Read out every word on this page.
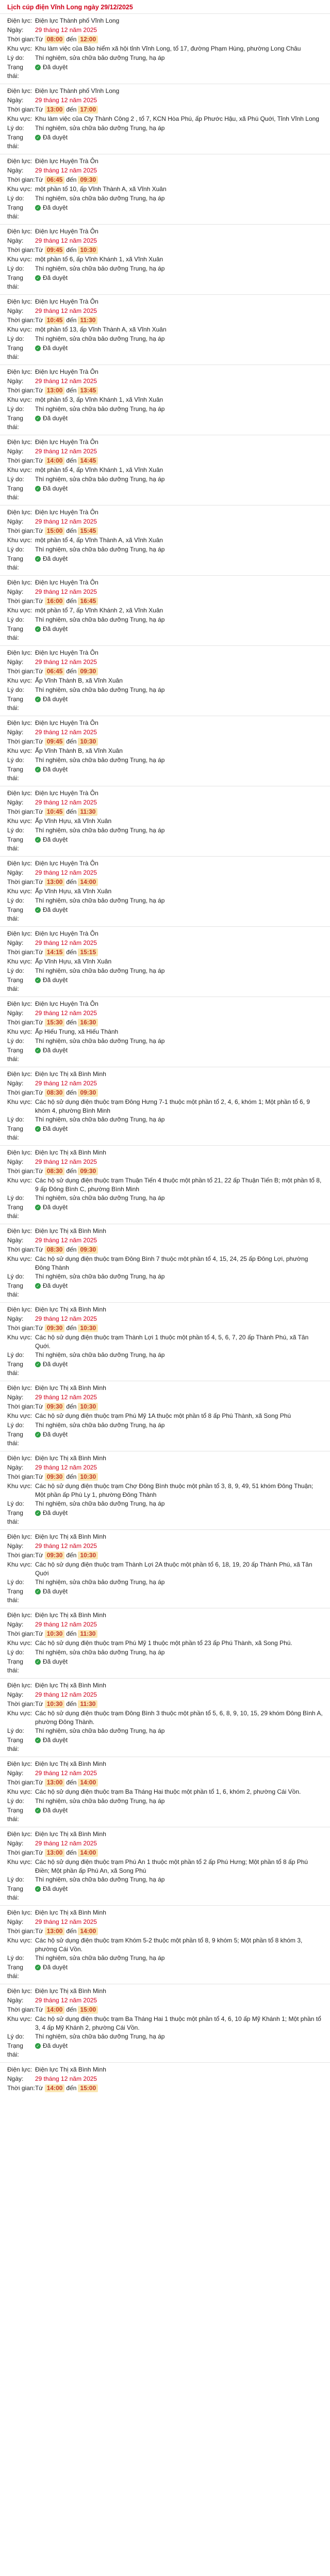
Lịch cúp điện Vĩnh Long ngày 29/12/2025
Điện lực: Điện lực Thành phố Vĩnh Long
Ngày:	29 tháng 12 năm 2025
Thời gian: Từ 08:00 đến 12:00
Khu vực: Khu làm việc của Bảo hiểm xã hội tỉnh Vĩnh Long, tổ 17, đường Phạm Hùng, phường Long Châu
Lý do:	Thí nghiệm, sửa chữa bảo dưỡng Trung, hạ áp
Trạng thái:
✓ Đã duyệt
Điện lực: Điện lực Thành phố Vĩnh Long
Ngày:	29 tháng 12 năm 2025
Thời gian: Từ 13:00 đến 17:00
Khu vực: Khu làm việc của Cty Thành Công 2 , tổ 7, KCN Hòa Phú, ấp Phước Hậu, xã Phú Quới, Tỉnh Vĩnh Long
Lý do:	Thí nghiệm, sửa chữa bảo dưỡng Trung, hạ áp
Trạng thái:
✓ Đã duyệt
Điện lực: Điện lực Huyện Trà Ôn
Ngày:	29 tháng 12 năm 2025
Thời gian: Từ 06:45 đến 09:30
Khu vực: một phần tổ 10, ấp Vĩnh Thành A, xã Vĩnh Xuân
Lý do:	Thí nghiệm, sửa chữa bảo dưỡng Trung, hạ áp
Trạng thái:
✓ Đã duyệt
Điện lực: Điện lực Huyện Trà Ôn
Ngày:	29 tháng 12 năm 2025
Thời gian: Từ 09:45 đến 10:30
Khu vực: một phần tổ 6, ấp Vĩnh Khánh 1, xã Vĩnh Xuân
Lý do:	Thí nghiệm, sửa chữa bảo dưỡng Trung, hạ áp
Trạng thái:
✓ Đã duyệt
Điện lực: Điện lực Huyện Trà Ôn
Ngày:	29 tháng 12 năm 2025
Thời gian: Từ 10:45 đến 11:30
Khu vực: một phần tổ 13, ấp Vĩnh Thành A, xã Vĩnh Xuân
Lý do:	Thí nghiệm, sửa chữa bảo dưỡng Trung, hạ áp
Trạng thái:
✓ Đã duyệt
Điện lực: Điện lực Huyện Trà Ôn
Ngày:	29 tháng 12 năm 2025
Thời gian: Từ 13:00 đến 13:45
Khu vực: một phần tổ 3, ấp Vĩnh Khánh 1, xã Vĩnh Xuân
Lý do:	Thí nghiệm, sửa chữa bảo dưỡng Trung, hạ áp
Trạng thái:
✓ Đã duyệt
Điện lực: Điện lực Huyện Trà Ôn
Ngày:	29 tháng 12 năm 2025
Thời gian: Từ 14:00 đến 14:45
Khu vực: một phần tổ 4, ấp Vĩnh Khánh 1, xã Vĩnh Xuân
Lý do:	Thí nghiệm, sửa chữa bảo dưỡng Trung, hạ áp
Trạng thái:
✓ Đã duyệt
Điện lực: Điện lực Huyện Trà Ôn
Ngày:	29 tháng 12 năm 2025
Thời gian: Từ 15:00 đến 15:45
Khu vực: một phần tổ 4, ấp Vĩnh Thành A, xã Vĩnh Xuân
Lý do:	Thí nghiệm, sửa chữa bảo dưỡng Trung, hạ áp
Trạng thái:
✓ Đã duyệt
Điện lực: Điện lực Huyện Trà Ôn
Ngày:	29 tháng 12 năm 2025
Thời gian: Từ 16:00 đến 16:45
Khu vực: một phần tổ 7, ấp Vĩnh Khánh 2, xã Vĩnh Xuân
Lý do:	Thí nghiệm, sửa chữa bảo dưỡng Trung, hạ áp
Trạng thái:
✓ Đã duyệt
Điện lực: Điện lực Huyện Trà Ôn
Ngày:	29 tháng 12 năm 2025
Thời gian: Từ 06:45 đến 09:30
Khu vực: Ấp Vĩnh Thành B, xã Vĩnh Xuân
Lý do:	Thí nghiệm, sửa chữa bảo dưỡng Trung, hạ áp
Trạng thái:
✓ Đã duyệt
Điện lực: Điện lực Huyện Trà Ôn
Ngày:	29 tháng 12 năm 2025
Thời gian: Từ 09:45 đến 10:30
Khu vực: Ấp Vĩnh Thành B, xã Vĩnh Xuân
Lý do:	Thí nghiệm, sửa chữa bảo dưỡng Trung, hạ áp
Trạng thái:
✓ Đã duyệt
Điện lực: Điện lực Huyện Trà Ôn
Ngày:	29 tháng 12 năm 2025
Thời gian: Từ 10:45 đến 11:30
Khu vực: Ấp Vĩnh Hựu, xã Vĩnh Xuân
Lý do:	Thí nghiệm, sửa chữa bảo dưỡng Trung, hạ áp
Trạng thái:
✓ Đã duyệt
Điện lực: Điện lực Huyện Trà Ôn
Ngày:	29 tháng 12 năm 2025
Thời gian: Từ 13:00 đến 14:00
Khu vực: Ấp Vĩnh Hựu, xã Vĩnh Xuân
Lý do:	Thí nghiệm, sửa chữa bảo dưỡng Trung, hạ áp
Trạng thái:
✓ Đã duyệt
Điện lực: Điện lực Huyện Trà Ôn
Ngày:	29 tháng 12 năm 2025
Thời gian: Từ 14:15 đến 15:15
Khu vực: Ấp Vĩnh Hựu, xã Vĩnh Xuân
Lý do:	Thí nghiệm, sửa chữa bảo dưỡng Trung, hạ áp
Trạng thái:
✓ Đã duyệt
Điện lực: Điện lực Huyện Trà Ôn
Ngày:	29 tháng 12 năm 2025
Thời gian: Từ 15:30 đến 16:30
Khu vực: Ấp Hiếu Trung, xã Hiếu Thành
Lý do:	Thí nghiệm, sửa chữa bảo dưỡng Trung, hạ áp
Trạng thái:
✓ Đã duyệt
Điện lực: Điện lực Thị xã Bình Minh
Ngày:	29 tháng 12 năm 2025
Thời gian: Từ 08:30 đến 09:30
Khu vực: Các hộ sử dụng điện thuộc trạm Đông Hưng 7-1 thuộc một phần tổ 2, 4, 6, khóm 1; Một phần tổ 6, 9 khóm 4, phường Bình Minh
Lý do:	Thí nghiệm, sửa chữa bảo dưỡng Trung, hạ áp
Trạng thái:
✓ Đã duyệt
Điện lực: Điện lực Thị xã Bình Minh
Ngày:	29 tháng 12 năm 2025
Thời gian: Từ 08:30 đến 09:30
Khu vực: Các hộ sử dụng điện thuộc trạm Thuận Tiến 4 thuộc một phần tổ 21, 22 ấp Thuận Tiến B; một phần tổ 8, 9 ấp Đông Bình C, phường Bình Minh
Lý do:	Thí nghiệm, sửa chữa bảo dưỡng Trung, hạ áp
Trạng thái:
✓ Đã duyệt
Điện lực: Điện lực Thị xã Bình Minh
Ngày:	29 tháng 12 năm 2025
Thời gian: Từ 08:30 đến 09:30
Khu vực: Các hộ sử dụng điện thuộc trạm Đông Bình 7 thuộc một phần tổ 4, 15, 24, 25 ấp Đông Lợi, phường Đông Thành
Lý do:	Thí nghiệm, sửa chữa bảo dưỡng Trung, hạ áp
Trạng thái:
✓ Đã duyệt
Điện lực: Điện lực Thị xã Bình Minh
Ngày:	29 tháng 12 năm 2025
Thời gian: Từ 09:30 đến 10:30
Khu vực: Các hộ sử dụng điện thuộc trạm Thành Lợi 1 thuộc một phần tổ 4, 5, 6, 7, 20 ấp Thành Phú, xã Tân Quới.
Lý do:	Thí nghiệm, sửa chữa bảo dưỡng Trung, hạ áp
Trạng thái:
✓ Đã duyệt
Điện lực: Điện lực Thị xã Bình Minh
Ngày:	29 tháng 12 năm 2025
Thời gian: Từ 09:30 đến 10:30
Khu vực: Các hộ sử dụng điện thuộc trạm Phú Mỹ 1A thuộc một phần tổ 8 ấp Phú Thành, xã Song Phú
Lý do:	Thí nghiệm, sửa chữa bảo dưỡng Trung, hạ áp
Trạng thái:
✓ Đã duyệt
Điện lực: Điện lực Thị xã Bình Minh
Ngày:	29 tháng 12 năm 2025
Thời gian: Từ 09:30 đến 10:30
Khu vực: Các hộ sử dụng điện thuộc trạm Chợ Đông Bình thuộc một phần tổ 3, 8, 9, 49, 51 khóm Đông Thuận; Một phần ấp Phù Ly 1, phường Đông Thành
Lý do:	Thí nghiệm, sửa chữa bảo dưỡng Trung, hạ áp
Trạng thái:
✓ Đã duyệt
Điện lực: Điện lực Thị xã Bình Minh
Ngày:	29 tháng 12 năm 2025
Thời gian: Từ 09:30 đến 10:30
Khu vực: Các hộ sử dụng điện thuộc trạm Thành Lợi 2A thuộc một phần tổ 6, 18, 19, 20 ấp Thành Phú, xã Tân Quới
Lý do:	Thí nghiệm, sửa chữa bảo dưỡng Trung, hạ áp
Trạng thái:
✓ Đã duyệt
Điện lực: Điện lực Thị xã Bình Minh
Ngày:	29 tháng 12 năm 2025
Thời gian: Từ 10:30 đến 11:30
Khu vực: Các hộ sử dụng điện thuộc trạm Phú Mỹ 1 thuộc một phần tổ 23 ấp Phú Thành, xã Song Phú.
Lý do:	Thí nghiệm, sửa chữa bảo dưỡng Trung, hạ áp
Trạng thái:
✓ Đã duyệt
Điện lực: Điện lực Thị xã Bình Minh
Ngày:	29 tháng 12 năm 2025
Thời gian: Từ 10:30 đến 11:30
Khu vực: Các hộ sử dụng điện thuộc trạm Đông Bình 3 thuộc một phần tổ 5, 6, 8, 9, 10, 15, 29 khóm Đông Bình A, phường Đông Thành.
Lý do:	Thí nghiệm, sửa chữa bảo dưỡng Trung, hạ áp
Trạng thái:
✓ Đã duyệt
Điện lực: Điện lực Thị xã Bình Minh
Ngày:	29 tháng 12 năm 2025
Thời gian: Từ 13:00 đến 14:00
Khu vực: Các hộ sử dụng điện thuộc trạm Ba Tháng Hai thuộc một phần tổ 1, 6, khóm 2, phường Cái Vồn.
Lý do:	Thí nghiệm, sửa chữa bảo dưỡng Trung, hạ áp
Trạng thái:
✓ Đã duyệt
Điện lực: Điện lực Thị xã Bình Minh
Ngày:	29 tháng 12 năm 2025
Thời gian: Từ 13:00 đến 14:00
Khu vực: Các hộ sử dụng điện thuộc trạm Phú An 1 thuộc một phần tổ 2 ấp Phú Hưng; Một phần tổ 8 ấp Phú Điền; Một phần ấp Phú An, xã Song Phú
Lý do:	Thí nghiệm, sửa chữa bảo dưỡng Trung, hạ áp
Trạng thái:
✓ Đã duyệt
Điện lực: Điện lực Thị xã Bình Minh
Ngày:	29 tháng 12 năm 2025
Thời gian: Từ 13:00 đến 14:00
Khu vực: Các hộ sử dụng điện thuộc trạm Khóm 5-2 thuộc một phần tổ 8, 9 khóm 5; Một phần tổ 8 khóm 3, phường Cái Vồn.
Lý do:	Thí nghiệm, sửa chữa bảo dưỡng Trung, hạ áp
Trạng thái:
✓ Đã duyệt
Điện lực: Điện lực Thị xã Bình Minh
Ngày:	29 tháng 12 năm 2025
Thời gian: Từ 14:00 đến 15:00
Khu vực: Các hộ sử dụng điện thuộc trạm Ba Tháng Hai 1 thuộc một phần tổ 4, 6, 10 ấp Mỹ Khánh 1; Một phần tổ 3, 4 ấp Mỹ Khánh 2, phường Cái Vồn.
Lý do:	Thí nghiệm, sửa chữa bảo dưỡng Trung, hạ áp
Trạng thái:
✓ Đã duyệt
Điện lực: Điện lực Thị xã Bình Minh
Ngày:	29 tháng 12 năm 2025
Thời gian: Từ 14:00 đến 15:00
